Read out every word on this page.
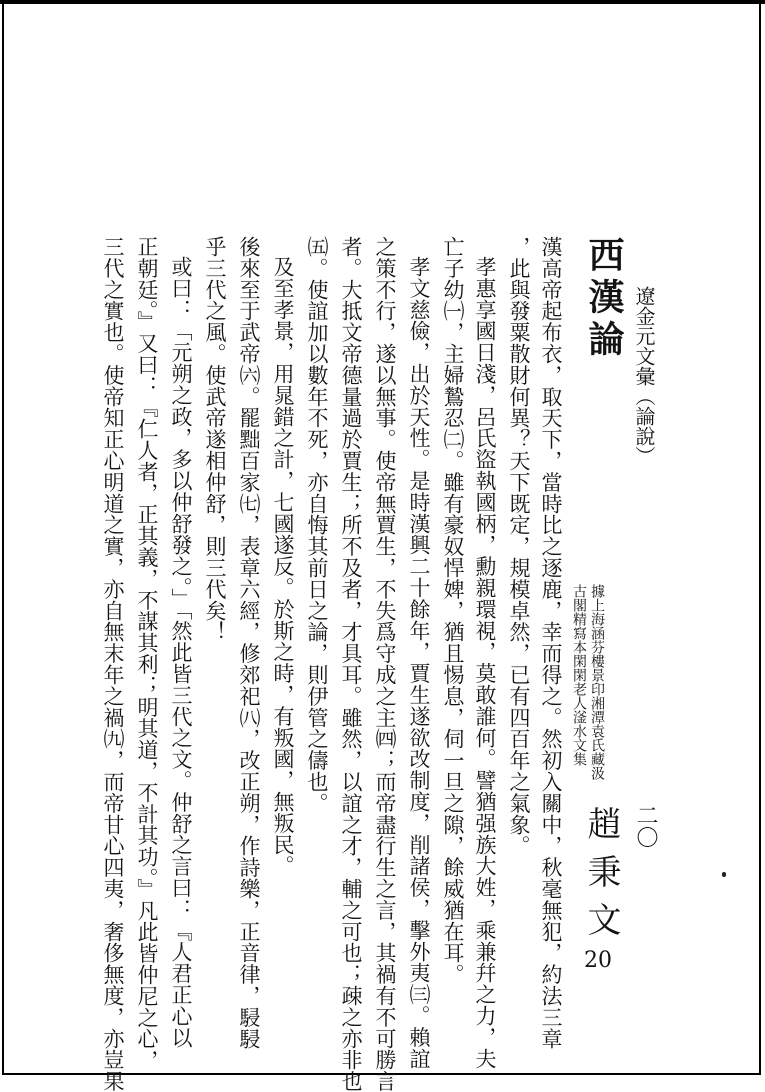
遼金元文彙（論說）
二〇
西漢論
據上海涵芬樓景印湘潭袁氏藏汲
古閣精寫本閑閑老人滏水文集
趙秉文
漢高帝起布衣，取天下，當時比之逐鹿，幸而得之。然初入關中，秋毫無犯，約法三章
，此與發粟散財何異？天下既定，規模卓然，已有四百年之氣象。
孝惠享國日淺，呂氏盜執國柄，勳親環視，莫敢誰何。譬猶强族大姓，乘兼幷之力，夫
亡子幼㈠，主婦鷙忍㈡。雖有豪奴悍婢，猶且惕息，伺一旦之隙，餘威猶在耳。
孝文慈儉，出於天性。是時漢興二十餘年，賈生遂欲改制度，削諸侯，擊外夷㈢。賴誼
之策不行，遂以無事。使帝無賈生，不失爲守成之主㈣；而帝盡行生之言，其禍有不可勝言
者。大抵文帝德量過於賈生；所不及者，才具耳。雖然，以誼之才，輔之可也；疎之亦非也
㈤。使誼加以數年不死，亦自悔其前日之論，則伊管之儔也。
及至孝景，用晁錯之計，七國遂反。於斯之時，有叛國，無叛民。
後來至于武帝㈥。罷黜百家㈦，表章六經，修郊祀㈧，改正朔，作詩樂，正音律，駸駸
乎三代之風。使武帝遂相仲舒，則三代矣！
或曰：「元朔之政，多以仲舒發之。」「然此皆三代之文。仲舒之言曰：『人君正心以
正朝廷。』又曰：『仁人者，正其義，不謀其利；明其道，不計其功。』凡此皆仲尼之心，
三代之實也。使帝知正心明道之實，亦自無末年之禍㈨，而帝甘心四夷，奢侈無度，亦豈果	20
